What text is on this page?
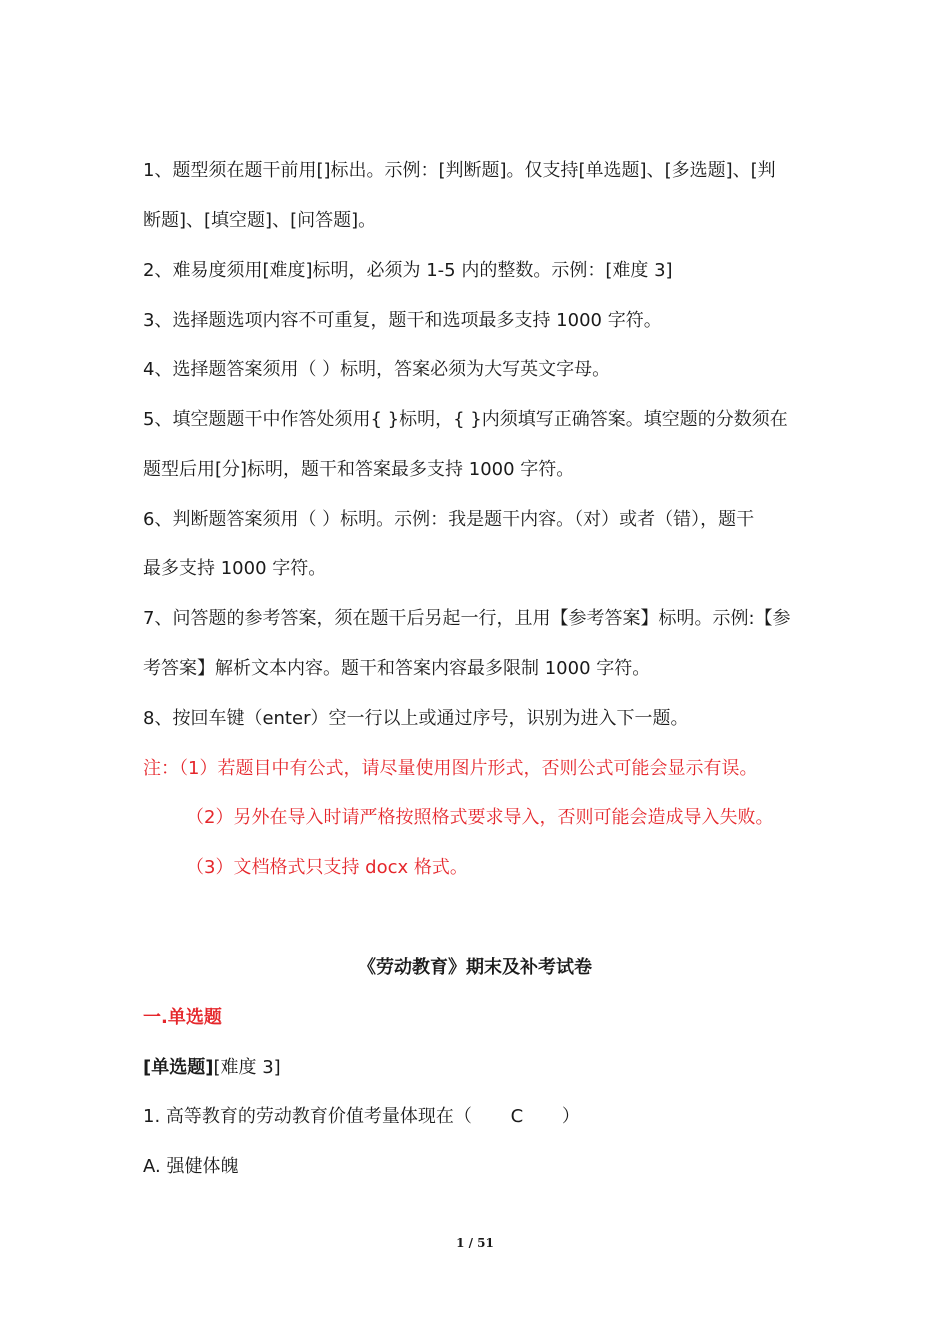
1、题型须在题干前用[]标出。示例：[判断题]。仅支持[单选题]、[多选题]、[判
断题]、[填空题]、[问答题]。
2、难易度须用[难度]标明，必须为 1-5 内的整数。示例：[难度 3]
3、选择题选项内容不可重复，题干和选项最多支持 1000 字符。
4、选择题答案须用（ ）标明，答案必须为大写英文字母。
5、填空题题干中作答处须用{ }标明，{ }内须填写正确答案。填空题的分数须在
题型后用[分]标明，题干和答案最多支持 1000 字符。
6、判断题答案须用（ ）标明。示例：我是题干内容。（对）或者（错），题干
最多支持 1000 字符。
7、问答题的参考答案，须在题干后另起一行，且用【参考答案】标明。示例:【参
考答案】解析文本内容。题干和答案内容最多限制 1000 字符。
8、按回车键（enter）空一行以上或通过序号，识别为进入下一题。
注：（1）若题目中有公式，请尽量使用图片形式，否则公式可能会显示有误。
（2）另外在导入时请严格按照格式要求导入，否则可能会造成导入失败。
（3）文档格式只支持 docx 格式。
《劳动教育》期末及补考试卷
一.单选题
[单选题][难度 3]
1. 高等教育的劳动教育价值考量体现在（ C ）
A. 强健体魄
1 / 51
